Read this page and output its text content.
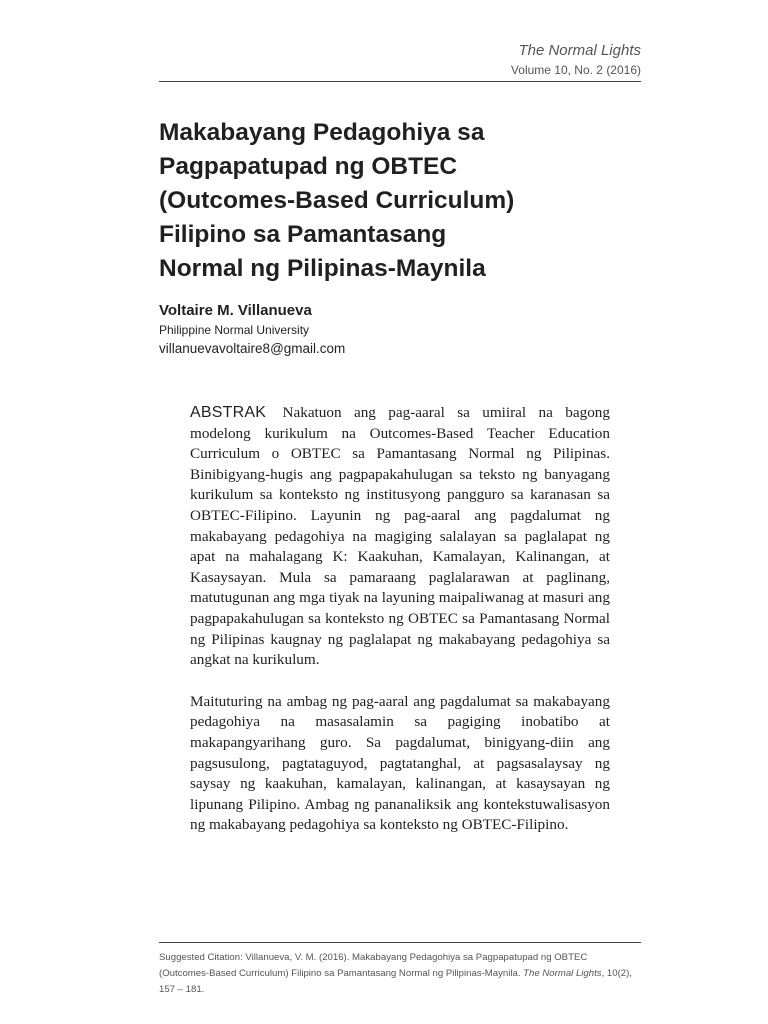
The Normal Lights
Volume 10, No. 2 (2016)
Makabayang Pedagohiya sa
Pagpapatupad ng OBTEC
(Outcomes-Based Curriculum)
Filipino sa Pamantasang
Normal ng Pilipinas-Maynila
Voltaire M. Villanueva
Philippine Normal University
villanuevavoltaire8@gmail.com

ABSTRAK Nakatuon ang pag-aaral sa umiiral na bagong modelong kurikulum na Outcomes-Based Teacher Education Curriculum o OBTEC sa Pamantasang Normal ng Pilipinas. Binibigyang-hugis ang pagpapakahulugan sa teksto ng banyagang kurikulum sa konteksto ng institusyong pangguro sa karanasan sa OBTEC-Filipino. Layunin ng pag-aaral ang pagdalumat ng makabayang pedagohiya na magiging salalayan sa paglalapat ng apat na mahalagang K: Kaakuhan, Kamalayan, Kalinangan, at Kasaysayan. Mula sa pamaraang paglalarawan at paglinang, matutugunan ang mga tiyak na layuning maipaliwanag at masuri ang pagpapakahulugan sa konteksto ng OBTEC sa Pamantasang Normal ng Pilipinas kaugnay ng paglalapat ng makabayang pedagohiya sa angkat na kurikulum.

Maituturing na ambag ng pag-aaral ang pagdalumat sa makabayang pedagohiya na masasalamin sa pagiging inobatibo at makapangyarihang guro. Sa pagdalumat, binigyang-diin ang pagsusulong, pagtataguyod, pagtatanghal, at pagsasalaysay ng saysay ng kaakuhan, kamalayan, kalinangan, at kasaysayan ng lipunang Pilipino. Ambag ng pananaliksik ang kontekstuwalisasyon ng makabayang pedagohiya sa konteksto ng OBTEC-Filipino.

Suggested Citation: Villanueva, V. M. (2016). Makabayang Pedagohiya sa Pagpapatupad ng OBTEC (Outcomes-Based Curriculum) Filipino sa Pamantasang Normal ng Pilipinas-Maynila. The Normal Lights, 10(2), 157 – 181.
